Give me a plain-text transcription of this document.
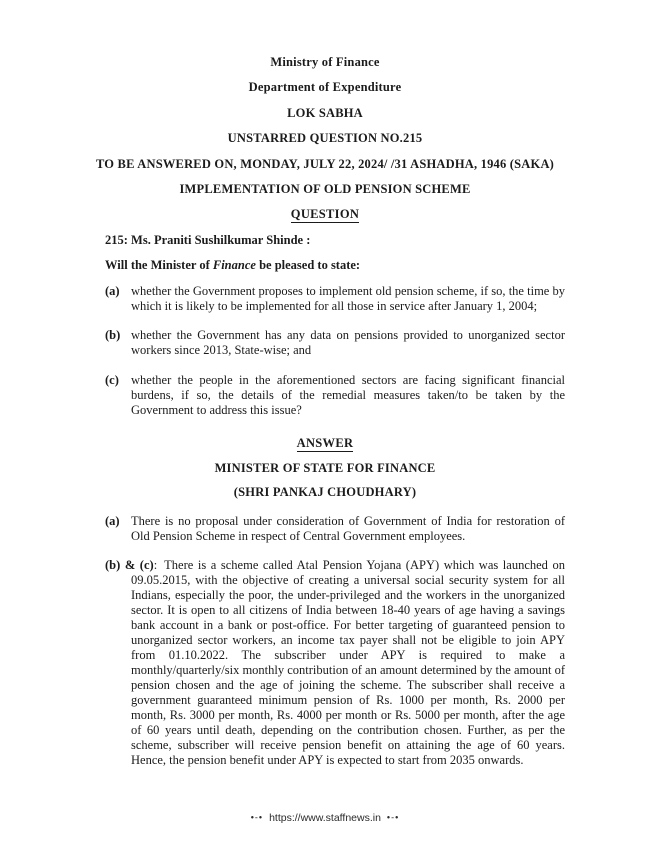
Ministry of Finance
Department of Expenditure
LOK SABHA
UNSTARRED QUESTION NO.215
TO BE ANSWERED ON, MONDAY, JULY 22, 2024/ /31 ASHADHA, 1946 (SAKA)
IMPLEMENTATION OF OLD PENSION SCHEME
QUESTION

215: Ms. Praniti Sushilkumar Shinde :

Will the Minister of Finance be pleased to state:

(a) whether the Government proposes to implement old pension scheme, if so, the time by which it is likely to be implemented for all those in service after January 1, 2004;

(b) whether the Government has any data on pensions provided to unorganized sector workers since 2013, State-wise; and

(c) whether the people in the aforementioned sectors are facing significant financial burdens, if so, the details of the remedial measures taken/to be taken by the Government to address this issue?

ANSWER
MINISTER OF STATE FOR FINANCE
(SHRI PANKAJ CHOUDHARY)

(a) There is no proposal under consideration of Government of India for restoration of Old Pension Scheme in respect of Central Government employees.

(b) & (c): There is a scheme called Atal Pension Yojana (APY) which was launched on 09.05.2015, with the objective of creating a universal social security system for all Indians, especially the poor, the under-privileged and the workers in the unorganized sector. It is open to all citizens of India between 18-40 years of age having a savings bank account in a bank or post-office. For better targeting of guaranteed pension to unorganized sector workers, an income tax payer shall not be eligible to join APY from 01.10.2022. The subscriber under APY is required to make a monthly/quarterly/six monthly contribution of an amount determined by the amount of pension chosen and the age of joining the scheme. The subscriber shall receive a government guaranteed minimum pension of Rs. 1000 per month, Rs. 2000 per month, Rs. 3000 per month, Rs. 4000 per month or Rs. 5000 per month, after the age of 60 years until death, depending on the contribution chosen. Further, as per the scheme, subscriber will receive pension benefit on attaining the age of 60 years. Hence, the pension benefit under APY is expected to start from 2035 onwards.

•-• https://www.staffnews.in •-•
